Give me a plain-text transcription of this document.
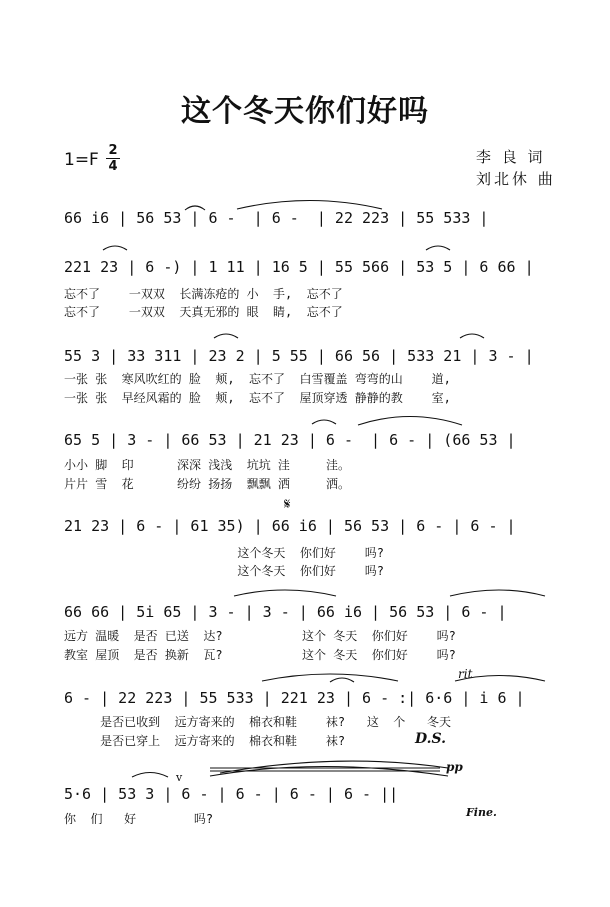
这个冬天你们好吗
1=F 2
4
李 良 词
刘北休 曲
66 i6 | 56 53 | 6 -  | 6 -  | 22 223 | 55 533 |
221 23 | 6 -) | 1 11 | 16 5 | 55 566 | 53 5 | 6 66 |
忘不了    一双双  长满冻疮的 小  手,  忘不了
忘不了    一双双  天真无邪的 眼  睛,  忘不了
55 3 | 33 311 | 23 2 | 5 55 | 66 56 | 533 21 | 3 - |
一张 张  寒风吹红的 脸  颊,  忘不了  白雪覆盖 弯弯的山    道,
一张 张  早经风霜的 脸  颊,  忘不了  屋顶穿透 静静的教    室,
65 5 | 3 - | 66 53 | 21 23 | 6 -  | 6 - | (66 53 |
小小 脚  印      深深 浅浅  坑坑 洼     洼。
片片 雪  花      纷纷 扬扬  飘飘 洒     洒。
21 23 | 6 - | 61 35) | 66 i6 | 56 53 | 6 - | 6 - |
这个冬天  你们好    吗?
这个冬天  你们好    吗?
66 66 | 5i 65 | 3 - | 3 - | 66 i6 | 56 53 | 6 - |
远方 温暖  是否 已送  达?           这个 冬天  你们好    吗?
教室 屋顶  是否 换新  瓦?           这个 冬天  你们好    吗?
6 - | 22 223 | 55 533 | 221 23 | 6 - :| 6·6 | i 6 |
是否已收到  远方寄来的  棉衣和鞋    袜?   这  个   冬天
是否已穿上  远方寄来的  棉衣和鞋    袜?
5·6 | 53 3 | 6 - | 6 - | 6 - | 6 - ||
你  们   好        吗?
rit
D.S.
pp
Fine.
𝄋
v
